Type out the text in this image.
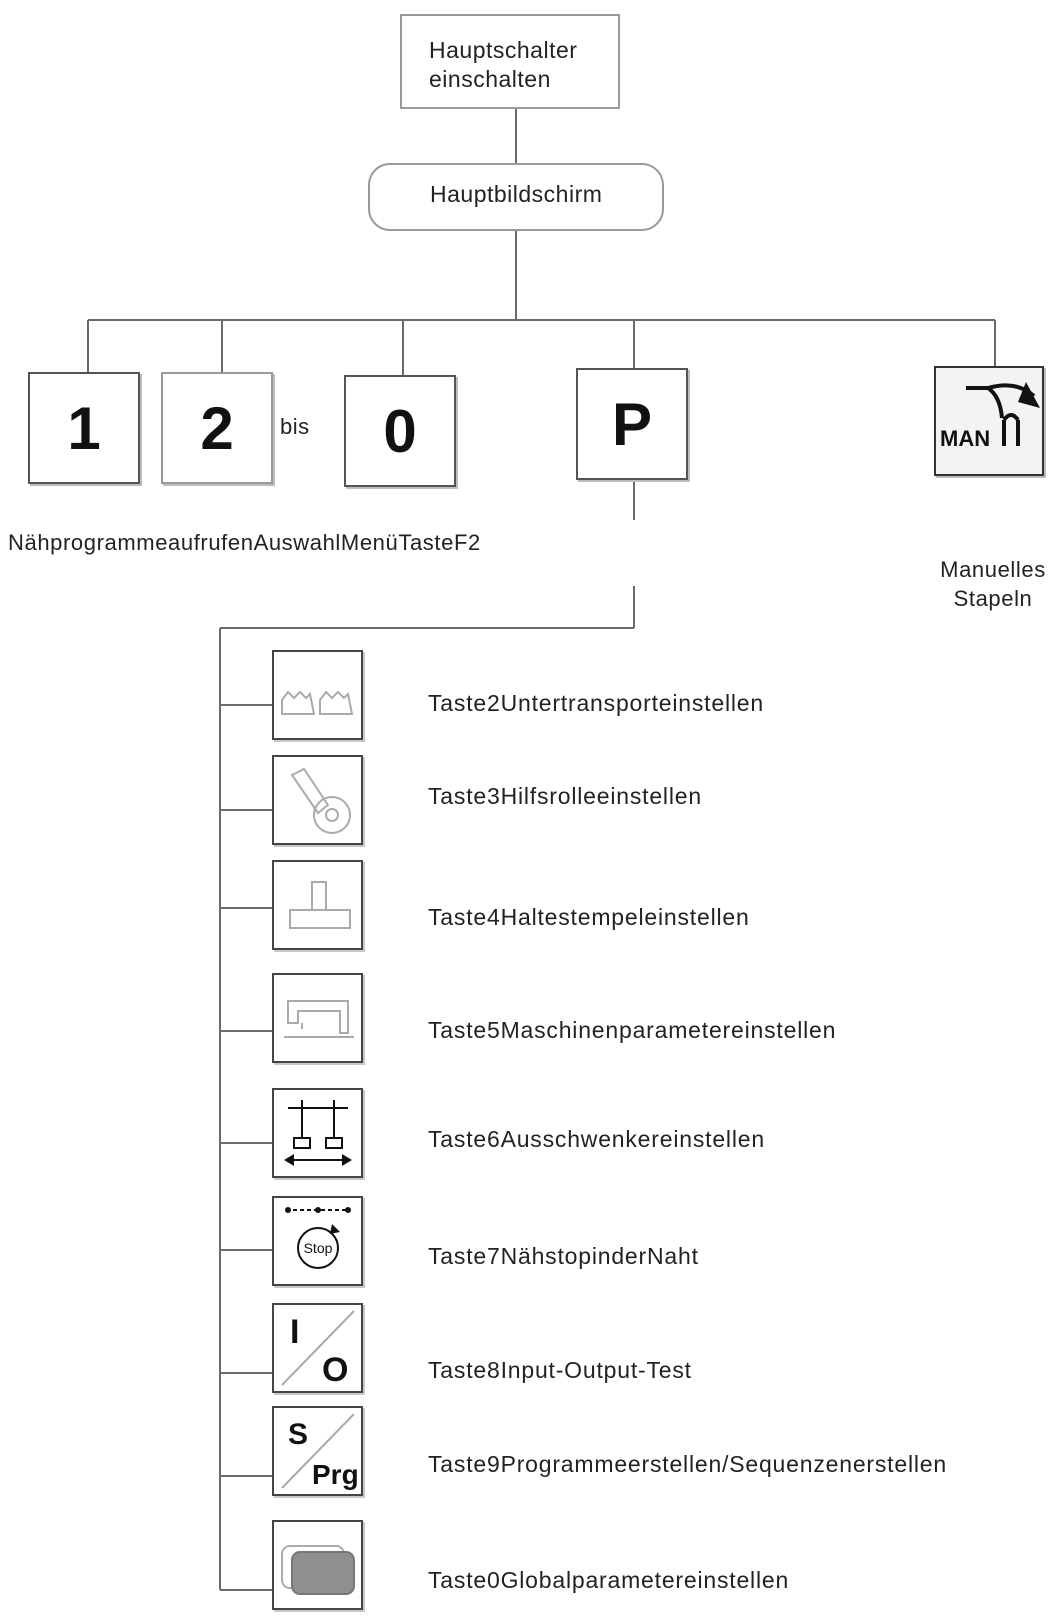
Hauptschalter
einschalten
Hauptbildschirm
1 2 bis 0	P	MAN
NähprogrammeaufrufenAuswahlMenüTasteF2
Manuelles
Stapeln
Stop
I
O
S
Prg
Taste2Untertransporteinstellen
Taste3Hilfsrolleeinstellen
Taste4Haltestempeleinstellen
Taste5Maschinenparametereinstellen
Taste6Ausschwenkereinstellen
Taste7NähstopinderNaht
Taste8Input-Output-Test
Taste9Programmeerstellen/Sequenzenerstellen
Taste0Globalparametereinstellen
